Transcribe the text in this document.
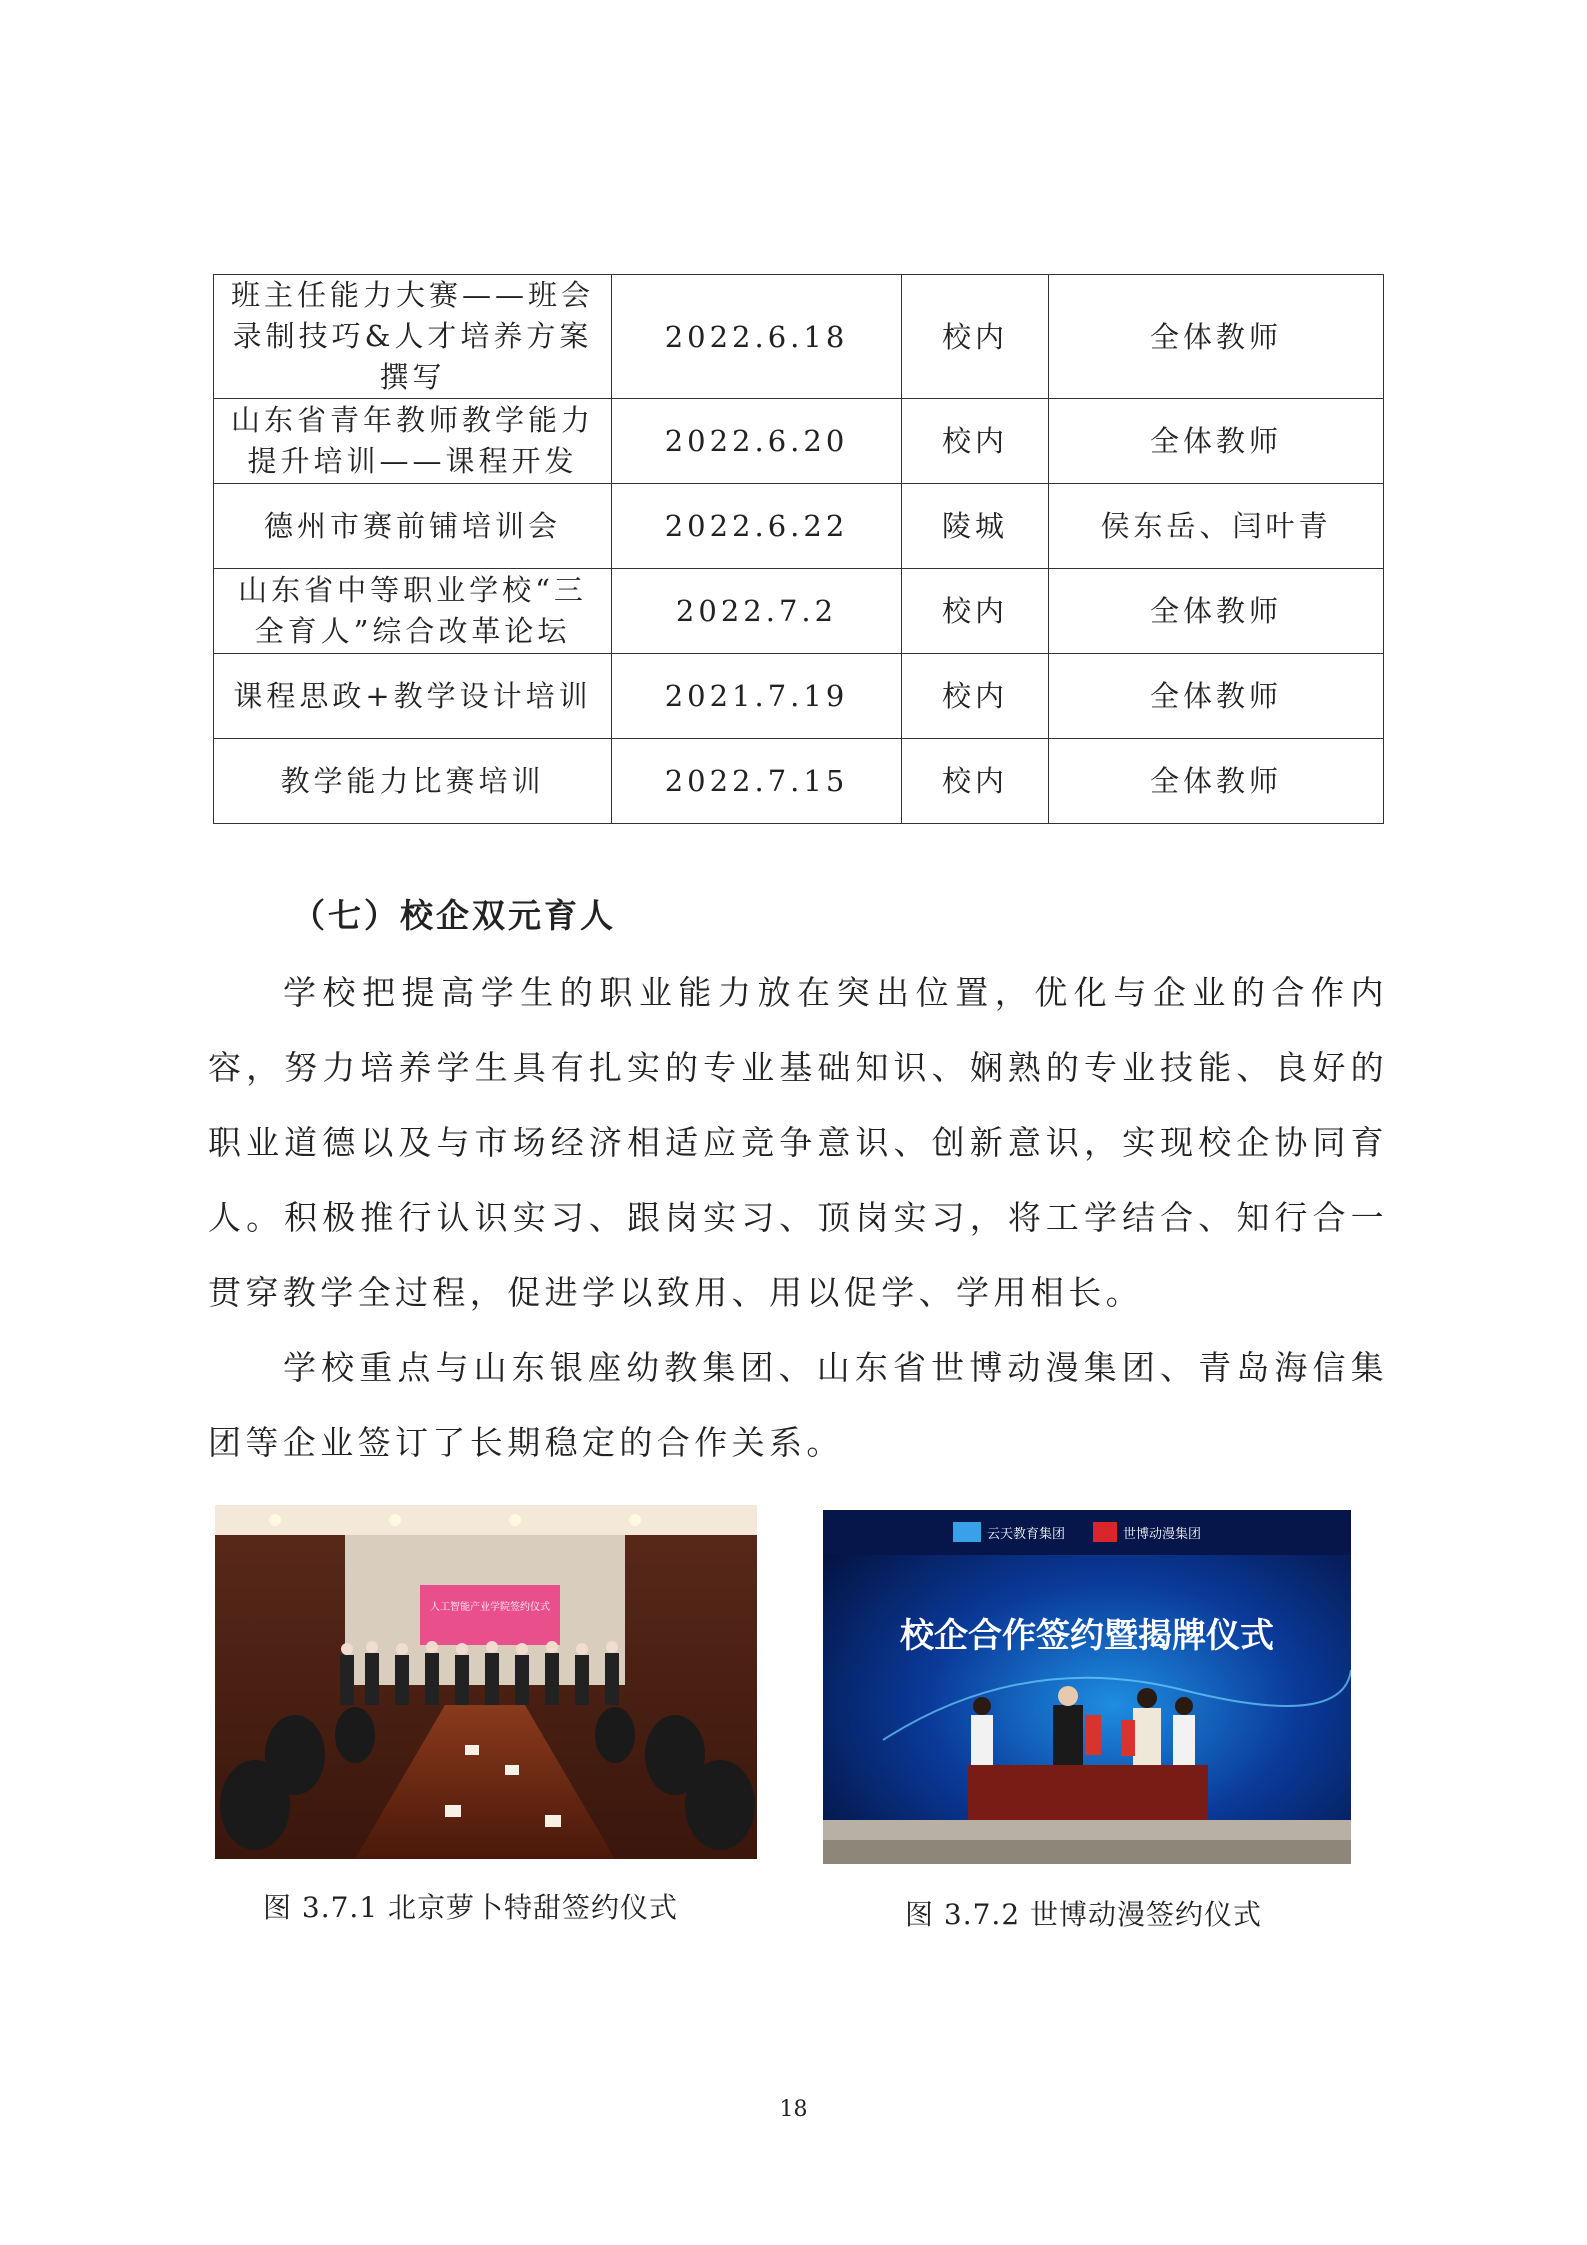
班主任能力大赛——班会录制技巧&人才培养方案撰写	2022.6.18	校内	全体教师
山东省青年教师教学能力提升培训——课程开发	2022.6.20	校内	全体教师
德州市赛前铺培训会	2022.6.22	陵城	侯东岳、闫叶青
山东省中等职业学校“三全育人”综合改革论坛	2022.7.2	校内	全体教师
课程思政+教学设计培训	2021.7.19	校内	全体教师
教学能力比赛培训	2022.7.15	校内	全体教师
（七）校企双元育人

学校把提高学生的职业能力放在突出位置，优化与企业的合作内容，努力培养学生具有扎实的专业基础知识、娴熟的专业技能、良好的职业道德以及与市场经济相适应竞争意识、创新意识，实现校企协同育人。积极推行认识实习、跟岗实习、顶岗实习，将工学结合、知行合一贯穿教学全过程，促进学以致用、用以促学、学用相长。

学校重点与山东银座幼教集团、山东省世博动漫集团、青岛海信集团等企业签订了长期稳定的合作关系。

人工智能产业学院签约仪式
云天教育集团	世博动漫集团
校企合作签约暨揭牌仪式
图 3.7.1 北京萝卜特甜签约仪式	图 3.7.2 世博动漫签约仪式
18
